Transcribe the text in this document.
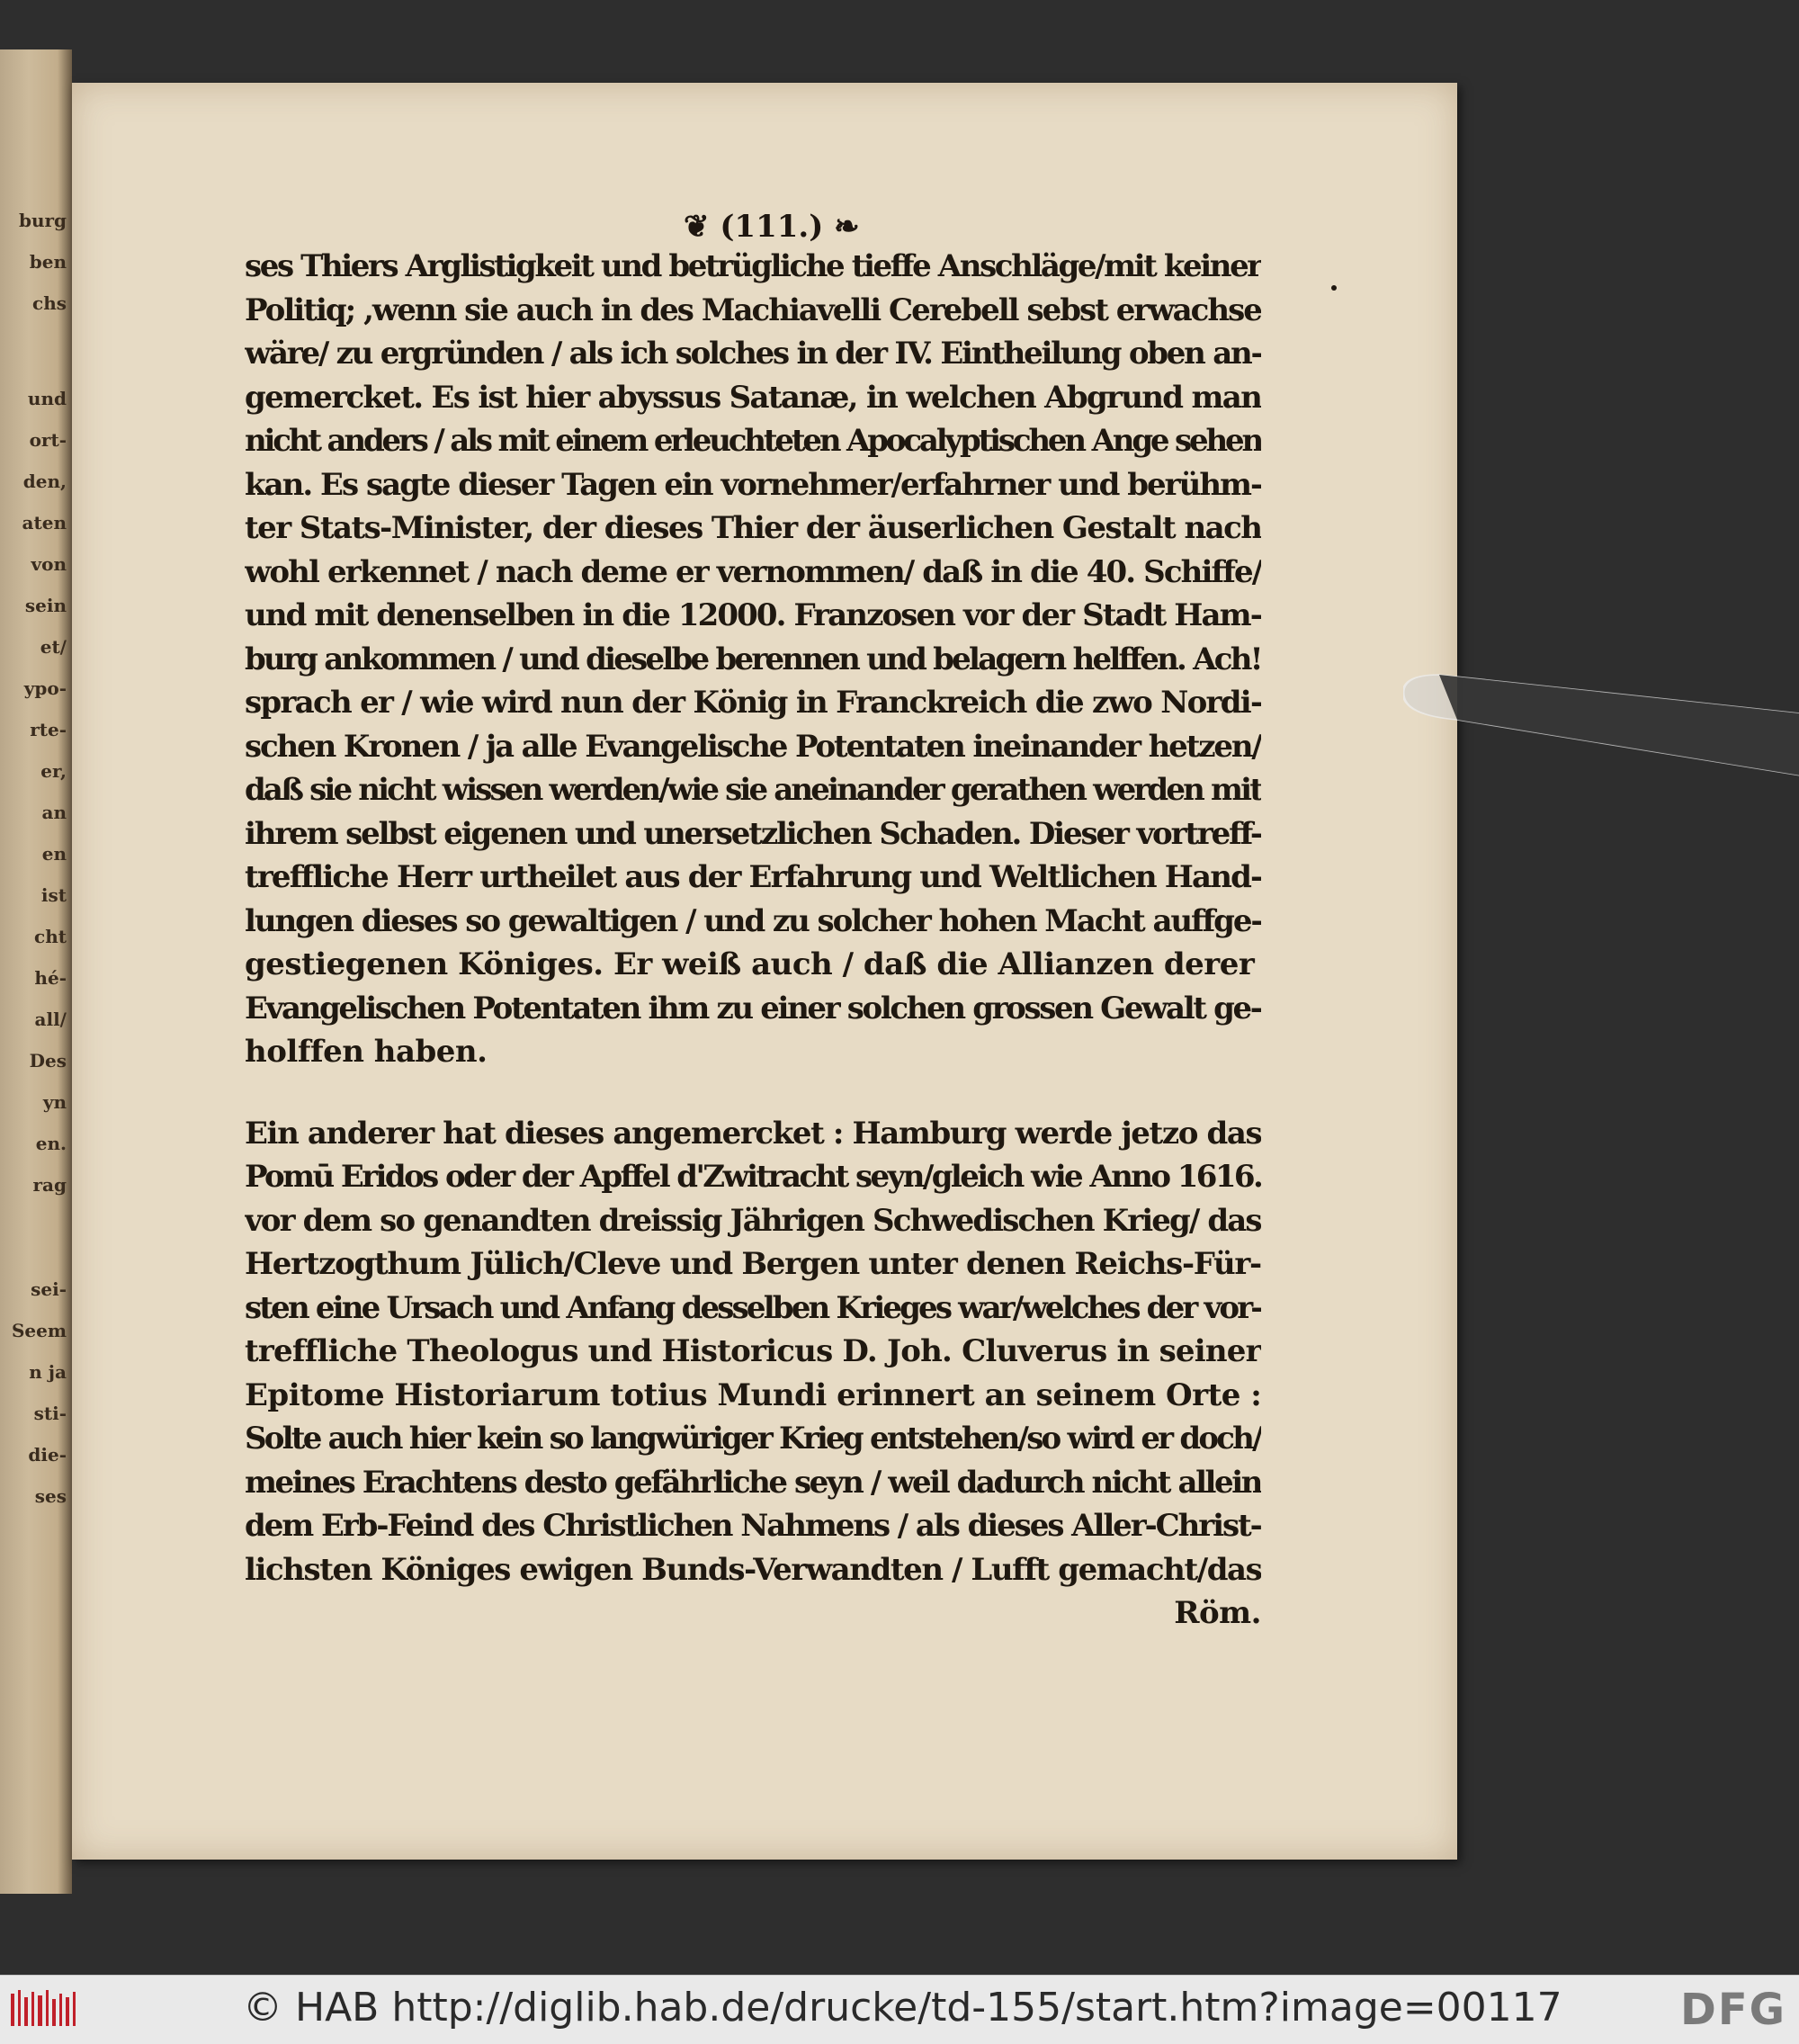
burg
ben
chs
und
ort-
den,
aten
von
sein
et/
ypo-
rte-
er,
an
en
ist
cht
hé-
all/
Des
yn
en.
rag
sei-
Seem
n ja
sti-
die-
ses
❦ (111.) ❧
ses Thiers Arglistigkeit und betrügliche tieffe Anschläge/mit keiner
Politiq; ,wenn sie auch in des Machiavelli Cerebell sebst erwachse
wäre/ zu ergründen / als ich solches in der IV. Eintheilung oben an-
gemercket. Es ist hier abyssus Satanæ, in welchen Abgrund man
nicht anders / als mit einem erleuchteten Apocalyptischen Ange sehen
kan. Es sagte dieser Tagen ein vornehmer/erfahrner und berühm-
ter Stats-Minister, der dieses Thier der äuserlichen Gestalt nach
wohl erkennet / nach deme er vernommen/ daß in die 40. Schiffe/
und mit denenselben in die 12000. Franzosen vor der Stadt Ham-
burg ankommen / und dieselbe berennen und belagern helffen. Ach!
sprach er / wie wird nun der König in Franckreich die zwo Nordi-
schen Kronen / ja alle Evangelische Potentaten ineinander hetzen/
daß sie nicht wissen werden/wie sie aneinander gerathen werden mit
ihrem selbst eigenen und unersetzlichen Schaden. Dieser vortreff-
treffliche Herr urtheilet aus der Erfahrung und Weltlichen Hand-
lungen dieses so gewaltigen / und zu solcher hohen Macht auffge-
gestiegenen Königes. Er weiß auch / daß die Allianzen derer
Evangelischen Potentaten ihm zu einer solchen grossen Gewalt ge-
holffen haben.
Ein anderer hat dieses angemercket : Hamburg werde jetzo das
Pomū Eridos oder der Apffel d'Zwitracht seyn/gleich wie Anno 1616.
vor dem so genandten dreissig Jährigen Schwedischen Krieg/ das
Hertzogthum Jülich/Cleve und Bergen unter denen Reichs-Für-
sten eine Ursach und Anfang desselben Krieges war/welches der vor-
treffliche Theologus und Historicus D. Joh. Cluverus in seiner
Epitome Historiarum totius Mundi erinnert an seinem Orte :
Solte auch hier kein so langwüriger Krieg entstehen/so wird er doch/
meines Erachtens desto gefährliche seyn / weil dadurch nicht allein
dem Erb-Feind des Christlichen Nahmens / als dieses Aller-Christ-
lichsten Königes ewigen Bunds-Verwandten / Lufft gemacht/das
Röm.
© HAB http://diglib.hab.de/drucke/td-155/start.htm?image=00117	DFG
